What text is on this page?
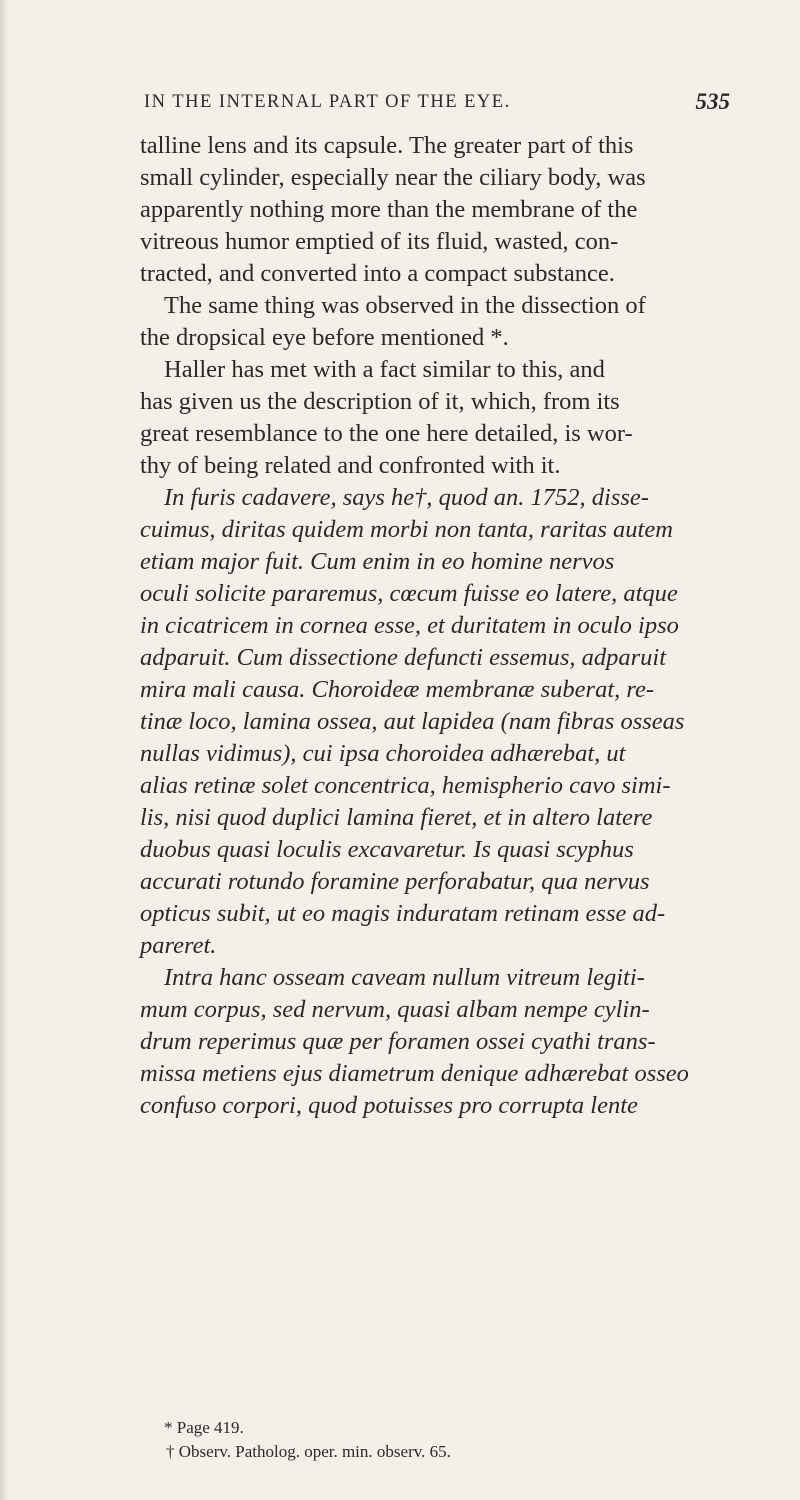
IN THE INTERNAL PART OF THE EYE.	535
talline lens and its capsule. The greater part of this
small cylinder, especially near the ciliary body, was
apparently nothing more than the membrane of the
vitreous humor emptied of its fluid, wasted, con-
tracted, and converted into a compact substance.
The same thing was observed in the dissection of
the dropsical eye before mentioned *.
Haller has met with a fact similar to this, and
has given us the description of it, which, from its
great resemblance to the one here detailed, is wor-
thy of being related and confronted with it.
In furis cadavere, says he†, quod an. 1752, disse-
cuimus, diritas quidem morbi non tanta, raritas autem
etiam major fuit. Cum enim in eo homine nervos
oculi solicite pararemus, cœcum fuisse eo latere, atque
in cicatricem in cornea esse, et duritatem in oculo ipso
adparuit. Cum dissectione defuncti essemus, adparuit
mira mali causa. Choroideæ membranæ suberat, re-
tinæ loco, lamina ossea, aut lapidea (nam fibras osseas
nullas vidimus), cui ipsa choroidea adhærebat, ut
alias retinæ solet concentrica, hemispherio cavo simi-
lis, nisi quod duplici lamina fieret, et in altero latere
duobus quasi loculis excavaretur. Is quasi scyphus
accurati rotundo foramine perforabatur, qua nervus
opticus subit, ut eo magis induratam retinam esse ad-
pareret.
Intra hanc osseam caveam nullum vitreum legiti-
mum corpus, sed nervum, quasi albam nempe cylin-
drum reperimus quæ per foramen ossei cyathi trans-
missa metiens ejus diametrum denique adhærebat osseo
confuso corpori, quod potuisses pro corrupta lente
* Page 419.
† Observ. Patholog. oper. min. observ. 65.
